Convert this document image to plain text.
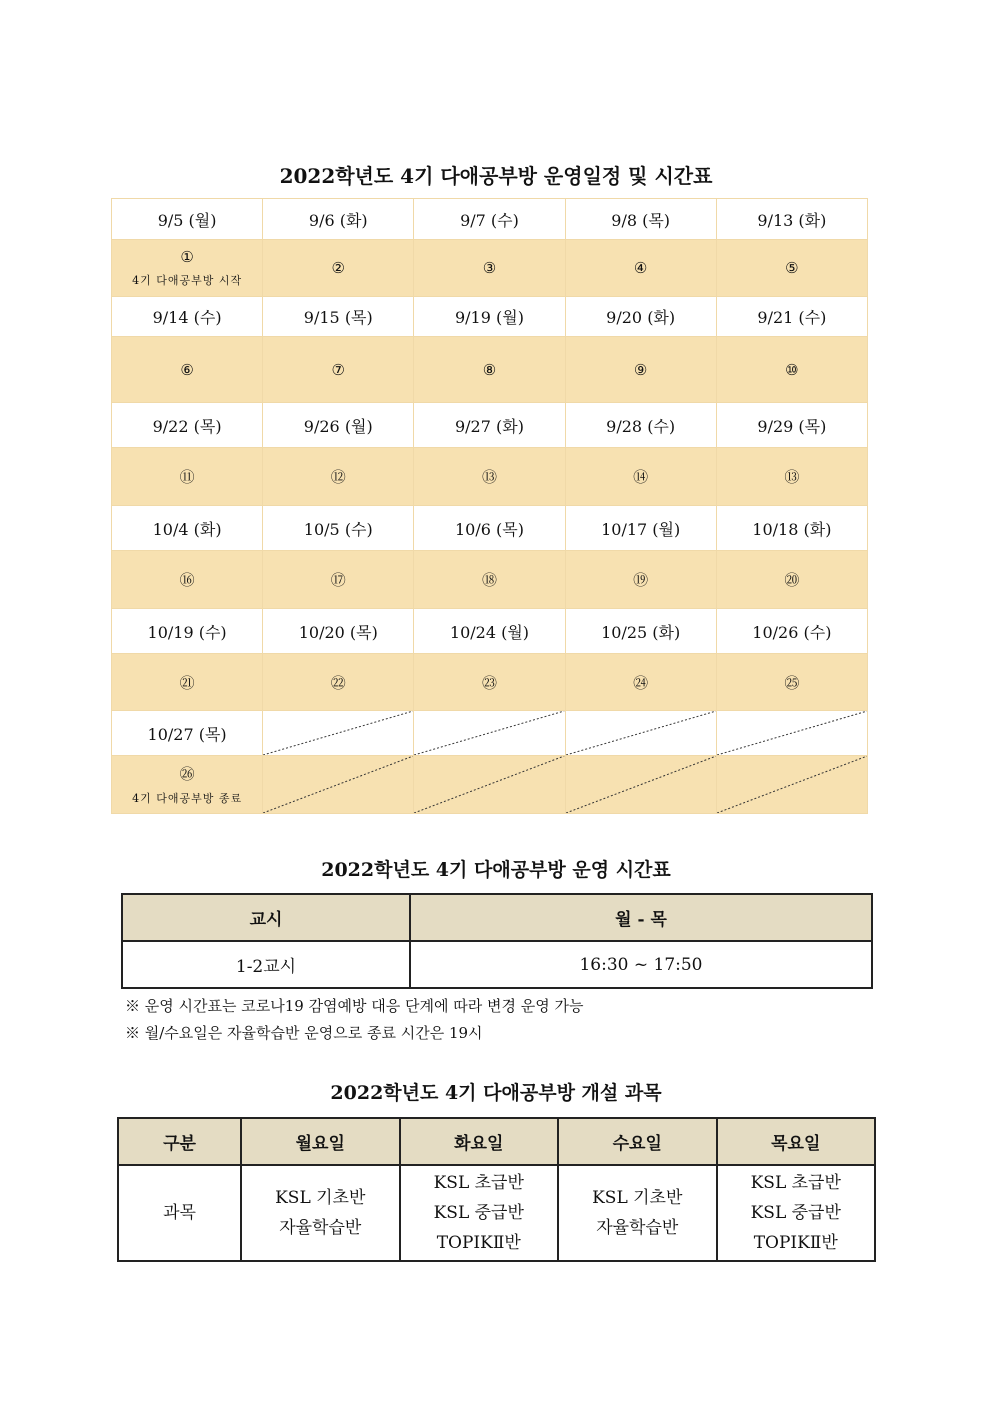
2022학년도 4기 다애공부방 운영일정 및 시간표
9/5 (월)	9/6 (화)	9/7 (수)	9/8 (목)	9/13 (화)

①
4기 다애공부방 시작	②	③	④	⑤

9/14 (수)	9/15 (목)	9/19 (월)	9/20 (화)	9/21 (수)

⑥	⑦	⑧	⑨	⑩

9/22 (목)	9/26 (월)	9/27 (화)	9/28 (수)	9/29 (목)

⑪	⑫	⑬	⑭	⑬

10/4 (화)	10/5 (수)	10/6 (목)	10/17 (월)	10/18 (화)

⑯	⑰	⑱	⑲	⑳

10/19 (수)	10/20 (목)	10/24 (월)	10/25 (화)	10/26 (수)

㉑	㉒	㉓	㉔	㉕

10/27 (목)	

㉖
4기 다애공부방 종료

2022학년도 4기 다애공부방 운영 시간표
교시	월 - 목
1-2교시	16:30 ~ 17:50
※ 운영 시간표는 코로나19 감염예방 대응 단계에 따라 변경 운영 가능
※ 월/수요일은 자율학습반 운영으로 종료 시간은 19시
2022학년도 4기 다애공부방 개설 과목
구분	월요일	화요일	수요일	목요일
과목	KSL 기초반
자율학습반	KSL 초급반
KSL 중급반
TOPIKⅡ반	KSL 기초반
자율학습반	KSL 초급반
KSL 중급반
TOPIKⅡ반
